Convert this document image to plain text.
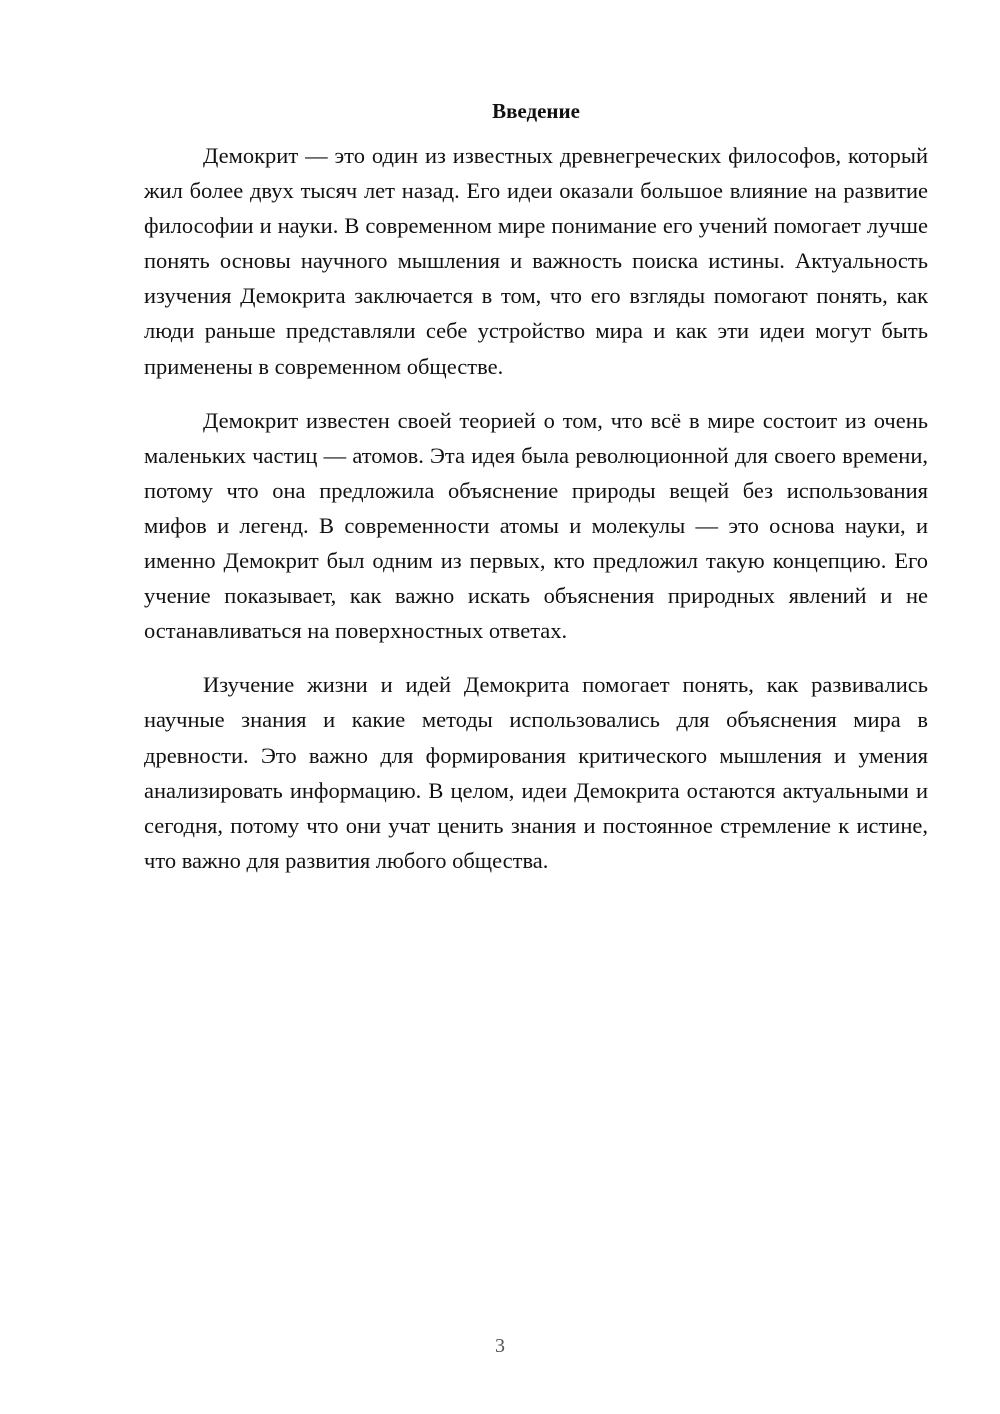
Введение

Демокрит — это один из известных древнегреческих философов, который жил более двух тысяч лет назад. Его идеи оказали большое влияние на развитие философии и науки. В современном мире понимание его учений помогает лучше понять основы научного мышления и важность поиска истины. Актуальность изучения Демокрита заключается в том, что его взгляды помогают понять, как люди раньше представляли себе устройство мира и как эти идеи могут быть применены в современном обществе.

Демокрит известен своей теорией о том, что всё в мире состоит из очень маленьких частиц — атомов. Эта идея была революционной для своего времени, потому что она предложила объяснение природы вещей без использования мифов и легенд. В современности атомы и молекулы — это основа науки, и именно Демокрит был одним из первых, кто предложил такую концепцию. Его учение показывает, как важно искать объяснения природных явлений и не останавливаться на поверхностных ответах.

Изучение жизни и идей Демокрита помогает понять, как развивались научные знания и какие методы использовались для объяснения мира в древности. Это важно для формирования критического мышления и умения анализировать информацию. В целом, идеи Демокрита остаются актуальными и сегодня, потому что они учат ценить знания и постоянное стремление к истине, что важно для развития любого общества.

3
